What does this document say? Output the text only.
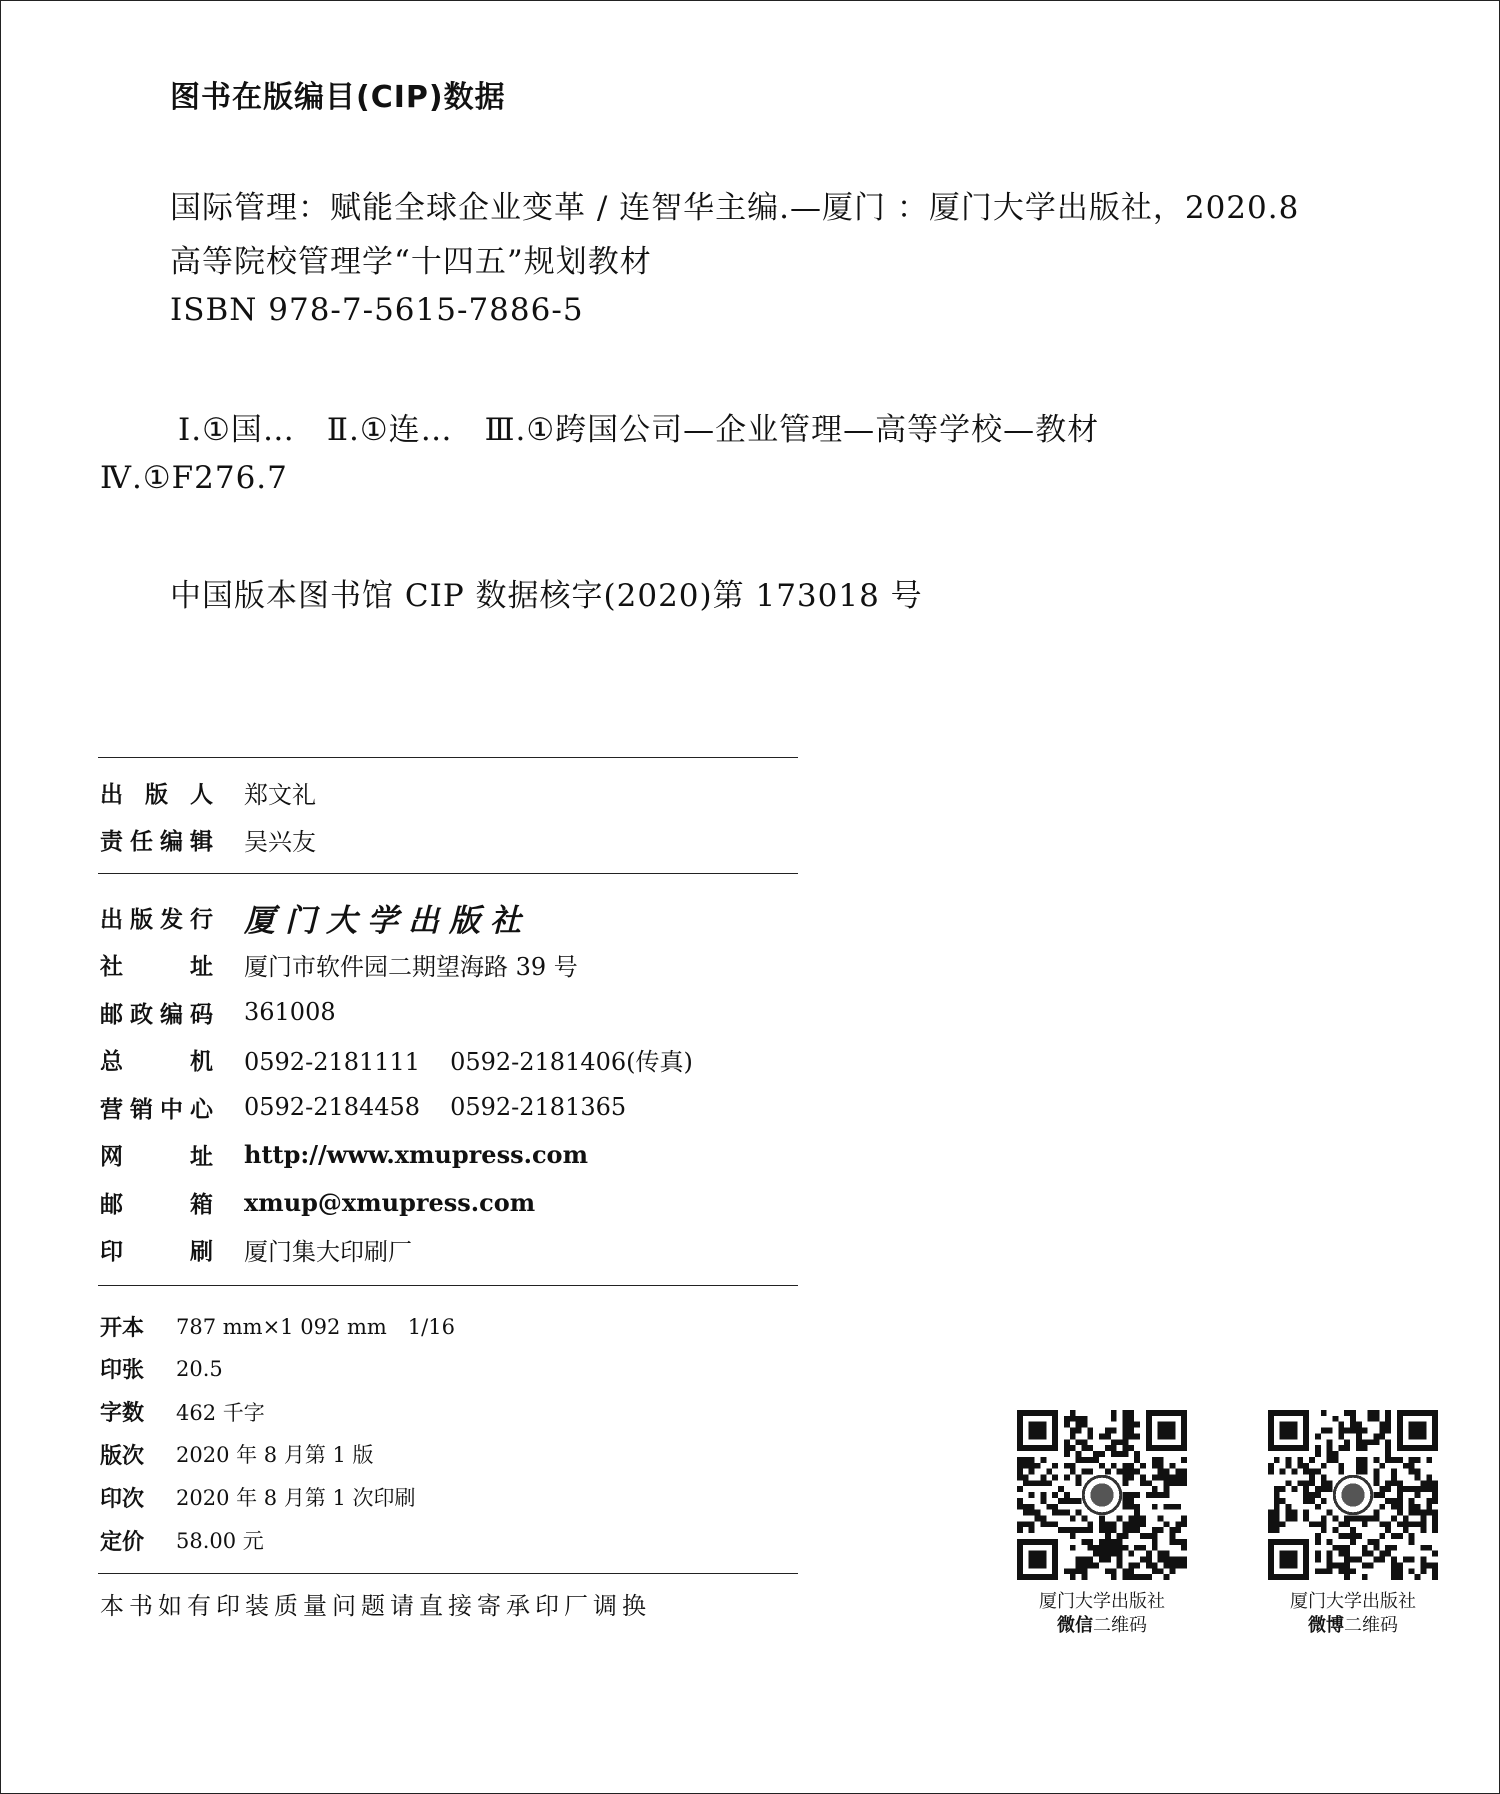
图书在版编目(CIP)数据
国际管理：赋能全球企业变革 / 连智华主编.—厦门 ：厦门大学出版社，2020.8
高等院校管理学“十四五”规划教材
ISBN 978-7-5615-7886-5
Ⅰ.①国…　Ⅱ.①连…　Ⅲ.①跨国公司—企业管理—高等学校—教材
Ⅳ.①F276.7
中国版本图书馆 CIP 数据核字(2020)第 173018 号
出 版 人 郑文礼
责 任 编 辑 吴兴友
出 版 发 行 厦门大学出版社
社	址 厦门市软件园二期望海路 39 号
邮 政 编 码 361008
总	机 0592-2181111 0592-2181406(传真)
营 销 中 心 0592-2184458 0592-2181365
网	址 http://www.xmupress.com
邮	箱 xmup@xmupress.com
印	刷 厦门集大印刷厂
开本	787 mm×1 092 mm　1/16
印张	20.5
字数	462 千字
版次	2020 年 8 月第 1 版
印次	2020 年 8 月第 1 次印刷
定价	58.00 元
本书如有印装质量问题请直接寄承印厂调换	厦门大学出版社
微信二维码
厦门大学出版社
微博二维码
